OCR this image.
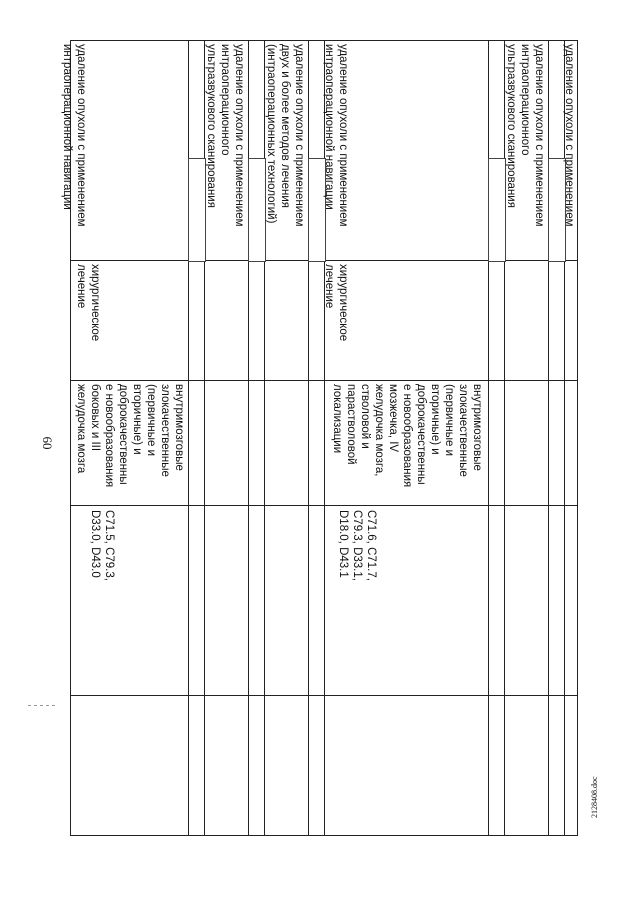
60
удаление опухоли с применением
интраоперационной навигации
хирургическое
лечение
внутримозговые
злокачественные
(первичные и
вторичные) и
доброкачественны
е новообразования
боковых и III
желудочка мозга
C71.5, C79.3,
D33.0, D43.0
удаление опухоли с применением
интраоперационного
ультразвукового сканирования
удаление опухоли с применением
двух и более методов лечения
(интраоперационных технологий)
удаление опухоли с применением
интраоперационной навигации
хирургическое
лечение
внутримозговые
злокачественные
(первичные и
вторичные) и
доброкачественны
е новообразования
мозжечка, IV
желудочка мозга,
стволовой и
парастволовой
локализации
C71.6, C71.7,
C79.3, D33.1,
D18.0, D43.1
удаление опухоли с применением
интраоперационного
ультразвукового сканирования	удаление опухоли с применением
2128408.doc
